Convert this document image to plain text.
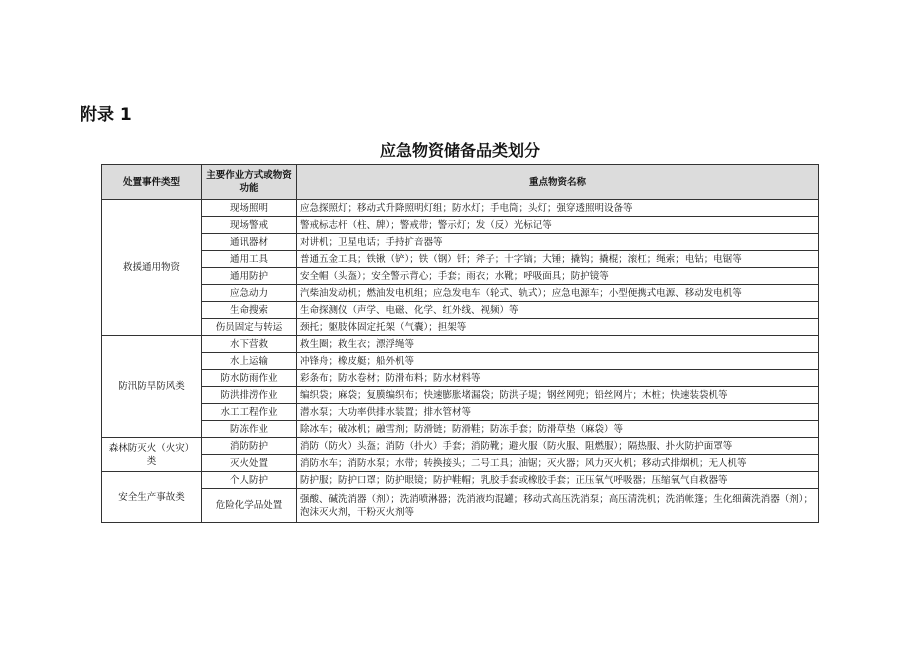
附录 1
应急物资储备品类划分
处置事件类型	主要作业方式或物资功能	重点物资名称
救援通用物资	现场照明	应急探照灯；移动式升降照明灯组；防水灯；手电筒；头灯；强穿透照明设备等
	现场警戒	警戒标志杆（柱、牌）；警戒带；警示灯；发（反）光标记等
	通讯器材	对讲机；卫星电话；手持扩音器等
	通用工具	普通五金工具；铁锹（铲）；铁（钢）钎；斧子；十字镐；大锤；撬钩；撬棍；滚杠；绳索；电钻；电锯等
	通用防护	安全帽（头盔）；安全警示背心；手套；雨衣；水靴；呼吸面具；防护镜等
	应急动力	汽柴油发动机；燃油发电机组；应急发电车（轮式、轨式）；应急电源车；小型便携式电源、移动发电机等
	生命搜索	生命探测仪（声学、电磁、化学、红外线、视频）等
	伤员固定与转运	颈托；躯肢体固定托架（气囊）；担架等
防汛防旱防风类	水下营救	救生圈；救生衣；漂浮绳等
	水上运输	冲锋舟；橡皮艇；船外机等
	防水防雨作业	彩条布；防水卷材；防滑布料；防水材料等
	防洪排涝作业	编织袋；麻袋；复膜编织布；快速膨胀堵漏袋；防洪子堤；钢丝网兜；铅丝网片；木桩；快速装袋机等
	水工工程作业	潜水泵；大功率供排水装置；排水管材等
	防冻作业	除冰车；破冰机；融雪剂；防滑链；防滑鞋；防冻手套；防滑草垫（麻袋）等
森林防灭火（火灾）类	消防防护	消防（防火）头盔；消防（扑火）手套；消防靴；避火服（防火服、阻燃服）；隔热服、扑火防护面罩等
	灭火处置	消防水车；消防水泵；水带；转换接头；二号工具；油锯；灭火器；风力灭火机；移动式排烟机；无人机等
安全生产事故类	个人防护	防护服；防护口罩；防护眼镜；防护鞋帽；乳胶手套或橡胶手套；正压氧气呼吸器；压缩氧气自救器等
	危险化学品处置	强酸、碱洗消器（剂）；洗消喷淋器；洗消液均混罐；移动式高压洗消泵；高压清洗机；洗消帐篷；生化细菌洗消器（剂）；泡沫灭火剂，干粉灭火剂等
